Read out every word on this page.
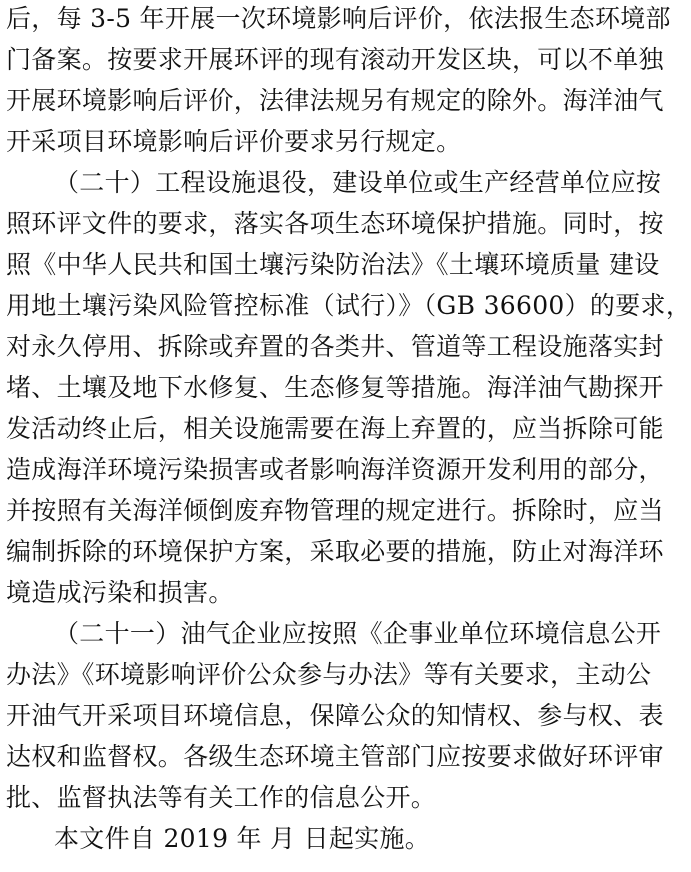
后，每 3-5 年开展一次环境影响后评价，依法报生态环境部
门备案。按要求开展环评的现有滚动开发区块，可以不单独
开展环境影响后评价，法律法规另有规定的除外。海洋油气
开采项目环境影响后评价要求另行规定。
（二十）工程设施退役，建设单位或生产经营单位应按
照环评文件的要求，落实各项生态环境保护措施。同时，按
照《中华人民共和国土壤污染防治法》《土壤环境质量 建设
用地土壤污染风险管控标准（试行）》（GB 36600）的要求，
对永久停用、拆除或弃置的各类井、管道等工程设施落实封
堵、土壤及地下水修复、生态修复等措施。海洋油气勘探开
发活动终止后，相关设施需要在海上弃置的，应当拆除可能
造成海洋环境污染损害或者影响海洋资源开发利用的部分，
并按照有关海洋倾倒废弃物管理的规定进行。拆除时，应当
编制拆除的环境保护方案，采取必要的措施，防止对海洋环
境造成污染和损害。
（二十一）油气企业应按照《企事业单位环境信息公开
办法》《环境影响评价公众参与办法》等有关要求，主动公
开油气开采项目环境信息，保障公众的知情权、参与权、表
达权和监督权。各级生态环境主管部门应按要求做好环评审
批、监督执法等有关工作的信息公开。
本文件自 2019 年 月 日起实施。
